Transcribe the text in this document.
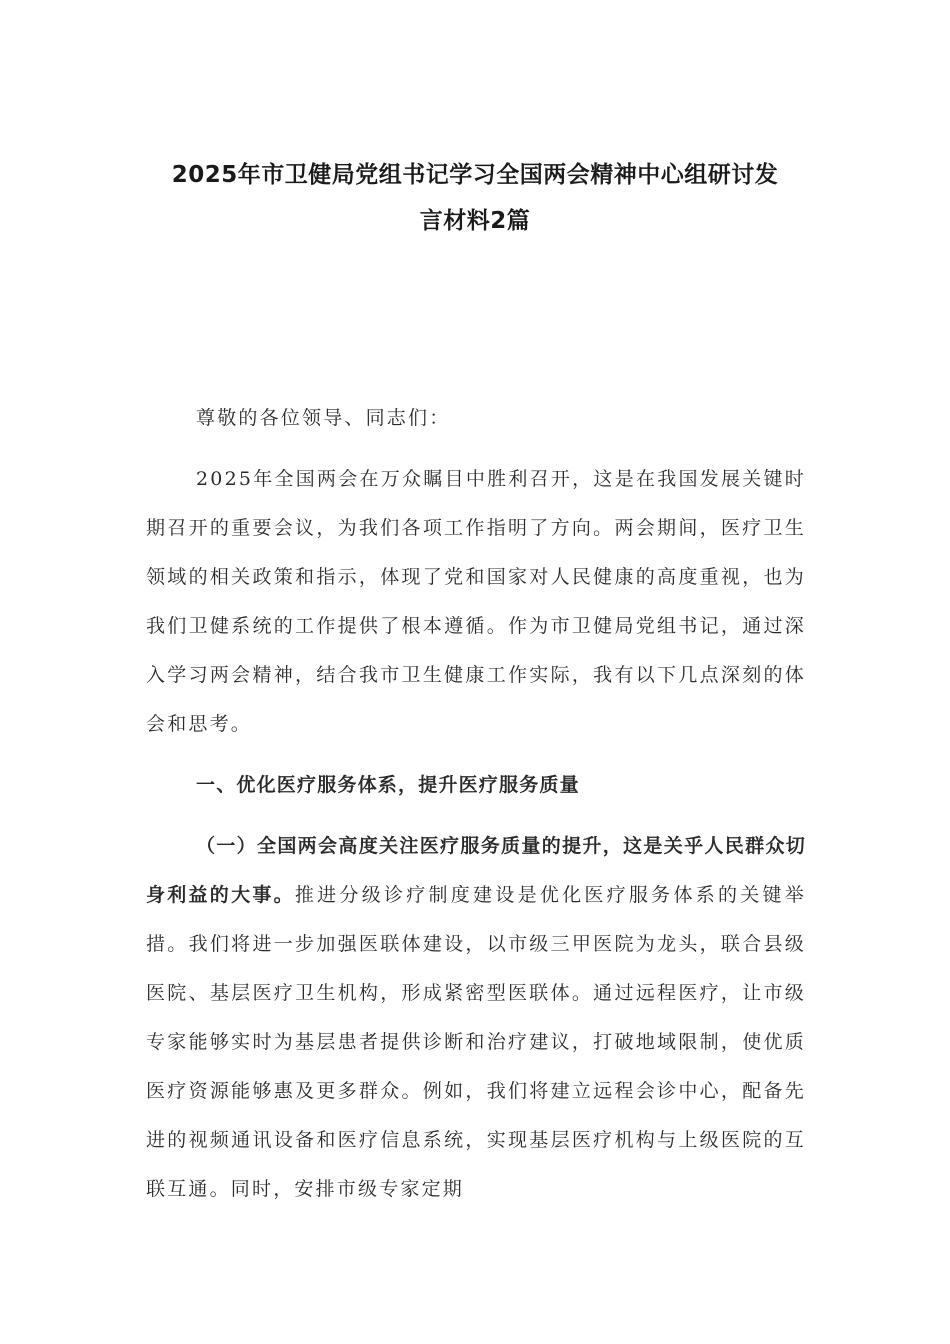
2025年市卫健局党组书记学习全国两会精神中心组研讨发
言材料2篇
尊敬的各位领导、同志们：
2025年全国两会在万众瞩目中胜利召开，这是在我国发展关键时期召开的重要会议，为我们各项工作指明了方向。两会期间，医疗卫生领域的相关政策和指示，体现了党和国家对人民健康的高度重视，也为我们卫健系统的工作提供了根本遵循。作为市卫健局党组书记，通过深入学习两会精神，结合我市卫生健康工作实际，我有以下几点深刻的体会和思考。
一、优化医疗服务体系，提升医疗服务质量
（一）全国两会高度关注医疗服务质量的提升，这是关乎人民群众切身利益的大事。推进分级诊疗制度建设是优化医疗服务体系的关键举措。我们将进一步加强医联体建设，以市级三甲医院为龙头，联合县级医院、基层医疗卫生机构，形成紧密型医联体。通过远程医疗，让市级专家能够实时为基层患者提供诊断和治疗建议，打破地域限制，使优质医疗资源能够惠及更多群众。例如，我们将建立远程会诊中心，配备先进的视频通讯设备和医疗信息系统，实现基层医疗机构与上级医院的互联互通。同时，安排市级专家定期
